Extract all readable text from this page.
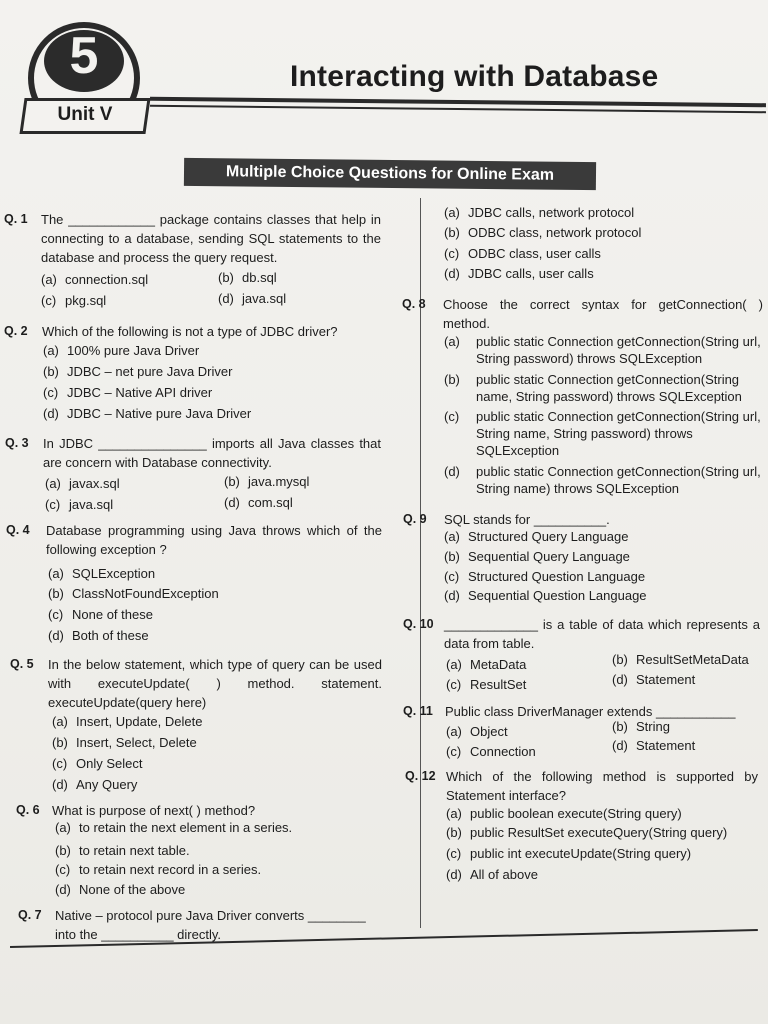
5
Unit V
Interacting with Database
Multiple Choice Questions for Online Exam
Q. 1 The ____________ package contains classes that help in connecting to a database, sending SQL statements to the database and process the query request.
(a) connection.sql	(b) db.sql
(c) pkg.sql	(d) java.sql
Q. 2 Which of the following is not a type of JDBC driver?
(a) 100% pure Java Driver
(b) JDBC – net pure Java Driver
(c) JDBC – Native API driver
(d) JDBC – Native pure Java Driver
Q. 3 In JDBC _______________ imports all Java classes that are concern with Database connectivity.
(a) javax.sql	(b) java.mysql
(c) java.sql	(d) com.sql
Q. 4 Database programming using Java throws which of the following exception ?
(a) SQLException
(b) ClassNotFoundException
(c) None of these
(d) Both of these
Q. 5 In the below statement, which type of query can be used with executeUpdate( ) method. statement. executeUpdate(query here)
(a) Insert, Update, Delete
(b) Insert, Select, Delete
(c) Only Select
(d) Any Query
Q. 6 What is purpose of next( ) method?
(a) to retain the next element in a series.
(b) to retain next table.
(c) to retain next record in a series.
(d) None of the above
Q. 7 Native – protocol pure Java Driver converts ________ into the __________ directly.
(a) JDBC calls, network protocol
(b) ODBC class, network protocol
(c) ODBC class, user calls
(d) JDBC calls, user calls
Q. 8 Choose the correct syntax for getConnection( ) method.
(a)	public static Connection getConnection(String url, String password) throws SQLException
(b)	public static Connection getConnection(String name, String password) throws SQLException
(c)	public static Connection getConnection(String url, String name, String password) throws SQLException
(d)	public static Connection getConnection(String url, String name) throws SQLException
Q. 9 SQL stands for __________.
(a) Structured Query Language
(b) Sequential Query Language
(c) Structured Question Language
(d) Sequential Question Language
Q. 10 _____________ is a table of data which represents a data from table.
(a) MetaData	(b) ResultSetMetaData
(c) ResultSet	(d) Statement
Q. 11 Public class DriverManager extends ___________
(a) Object	(b) String
(c) Connection	(d) Statement
Q. 12 Which of the following method is supported by Statement interface?
(a) public boolean execute(String query)
(b) public ResultSet executeQuery(String query)
(c) public int executeUpdate(String query)
(d) All of above
